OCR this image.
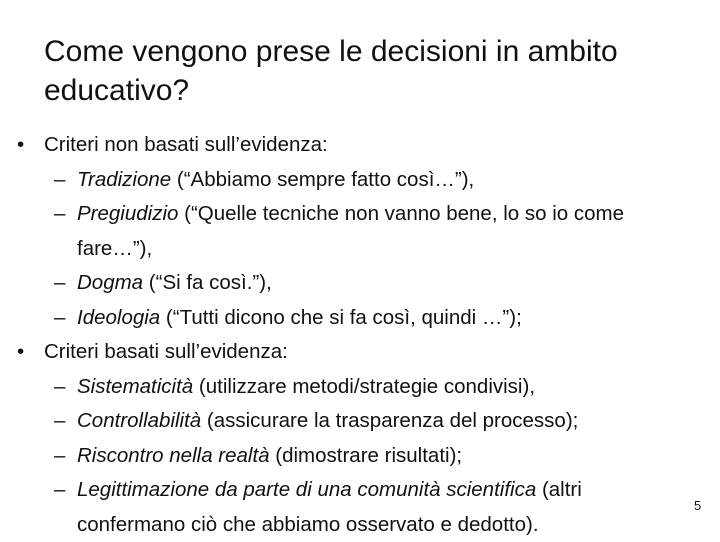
Come vengono prese le decisioni in ambito educativo?
• Criteri non basati sull’evidenza:
– Tradizione (“Abbiamo sempre fatto così…”),
– Pregiudizio (“Quelle tecniche non vanno bene, lo so io come fare…”),
– Dogma (“Si fa così.”),
– Ideologia (“Tutti dicono che si fa così, quindi …”);
• Criteri basati sull’evidenza:
– Sistematicità (utilizzare metodi/strategie condivisi),
– Controllabilità (assicurare la trasparenza del processo);
– Riscontro nella realtà (dimostrare risultati);
– Legittimazione da parte di una comunità scientifica (altri confermano ciò che abbiamo osservato e dedotto).
5
